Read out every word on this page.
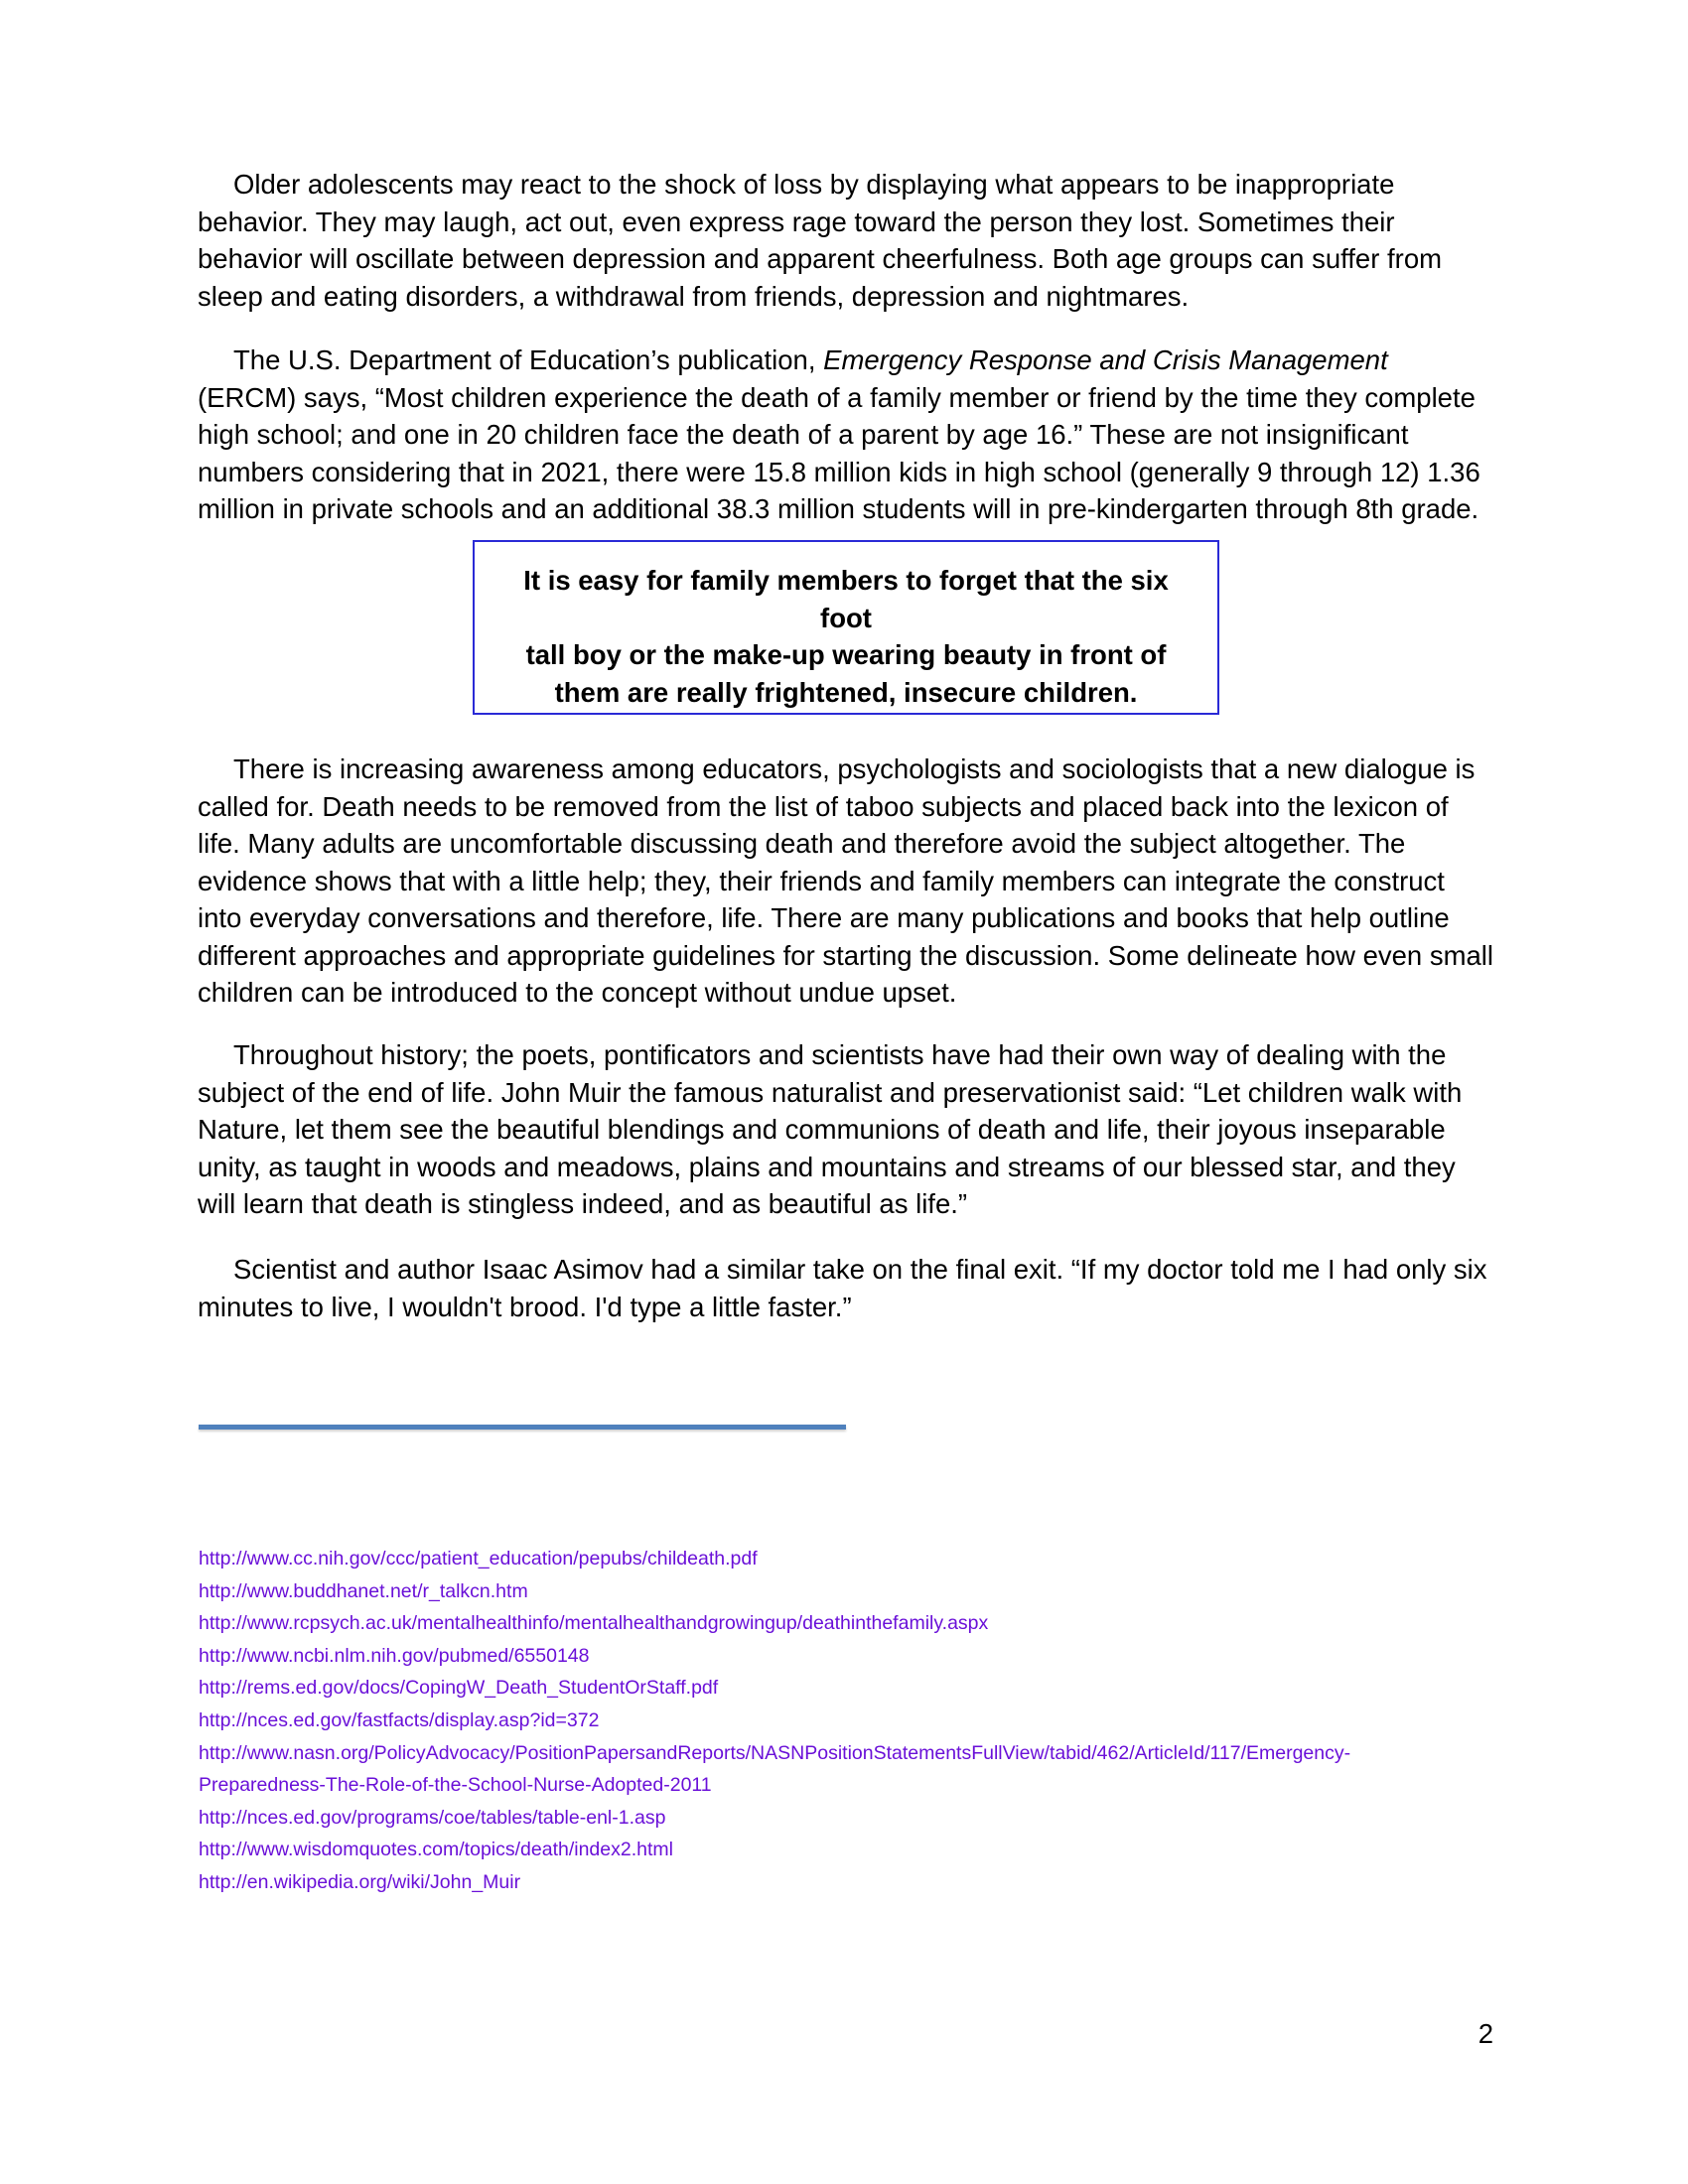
Older adolescents may react to the shock of loss by displaying what appears to be inappropriate behavior. They may laugh, act out, even express rage toward the person they lost. Sometimes their behavior will oscillate between depression and apparent cheerfulness. Both age groups can suffer from sleep and eating disorders, a withdrawal from friends, depression and nightmares.

The U.S. Department of Education’s publication, Emergency Response and Crisis Management (ERCM) says, “Most children experience the death of a family member or friend by the time they complete high school; and one in 20 children face the death of a parent by age 16.” These are not insignificant numbers considering that in 2021, there were 15.8 million kids in high school (generally 9 through 12) 1.36 million in private schools and an additional 38.3 million students will in pre-kindergarten through 8th grade.

It is easy for family members to forget that the six foot
tall boy or the make-up wearing beauty in front of
them are really frightened, insecure children.

There is increasing awareness among educators, psychologists and sociologists that a new dialogue is called for. Death needs to be removed from the list of taboo subjects and placed back into the lexicon of life. Many adults are uncomfortable discussing death and therefore avoid the subject altogether. The evidence shows that with a little help; they, their friends and family members can integrate the construct into everyday conversations and therefore, life. There are many publications and books that help outline different approaches and appropriate guidelines for starting the discussion. Some delineate how even small children can be introduced to the concept without undue upset.

Throughout history; the poets, pontificators and scientists have had their own way of dealing with the subject of the end of life. John Muir the famous naturalist and preservationist said: “Let children walk with Nature, let them see the beautiful blendings and communions of death and life, their joyous inseparable unity, as taught in woods and meadows, plains and mountains and streams of our blessed star, and they will learn that death is stingless indeed, and as beautiful as life.”

Scientist and author Isaac Asimov had a similar take on the final exit. “If my doctor told me I had only six minutes to live, I wouldn't brood. I'd type a little faster.”

http://www.cc.nih.gov/ccc/patient_education/pepubs/childeath.pdf
http://www.buddhanet.net/r_talkcn.htm
http://www.rcpsych.ac.uk/mentalhealthinfo/mentalhealthandgrowingup/deathinthefamily.aspx
http://www.ncbi.nlm.nih.gov/pubmed/6550148
http://rems.ed.gov/docs/CopingW_Death_StudentOrStaff.pdf
http://nces.ed.gov/fastfacts/display.asp?id=372
http://www.nasn.org/PolicyAdvocacy/PositionPapersandReports/NASNPositionStatementsFullView/tabid/462/ArticleId/117/Emergency-
Preparedness-The-Role-of-the-School-Nurse-Adopted-2011
http://nces.ed.gov/programs/coe/tables/table-enl-1.asp
http://www.wisdomquotes.com/topics/death/index2.html
http://en.wikipedia.org/wiki/John_Muir
2
